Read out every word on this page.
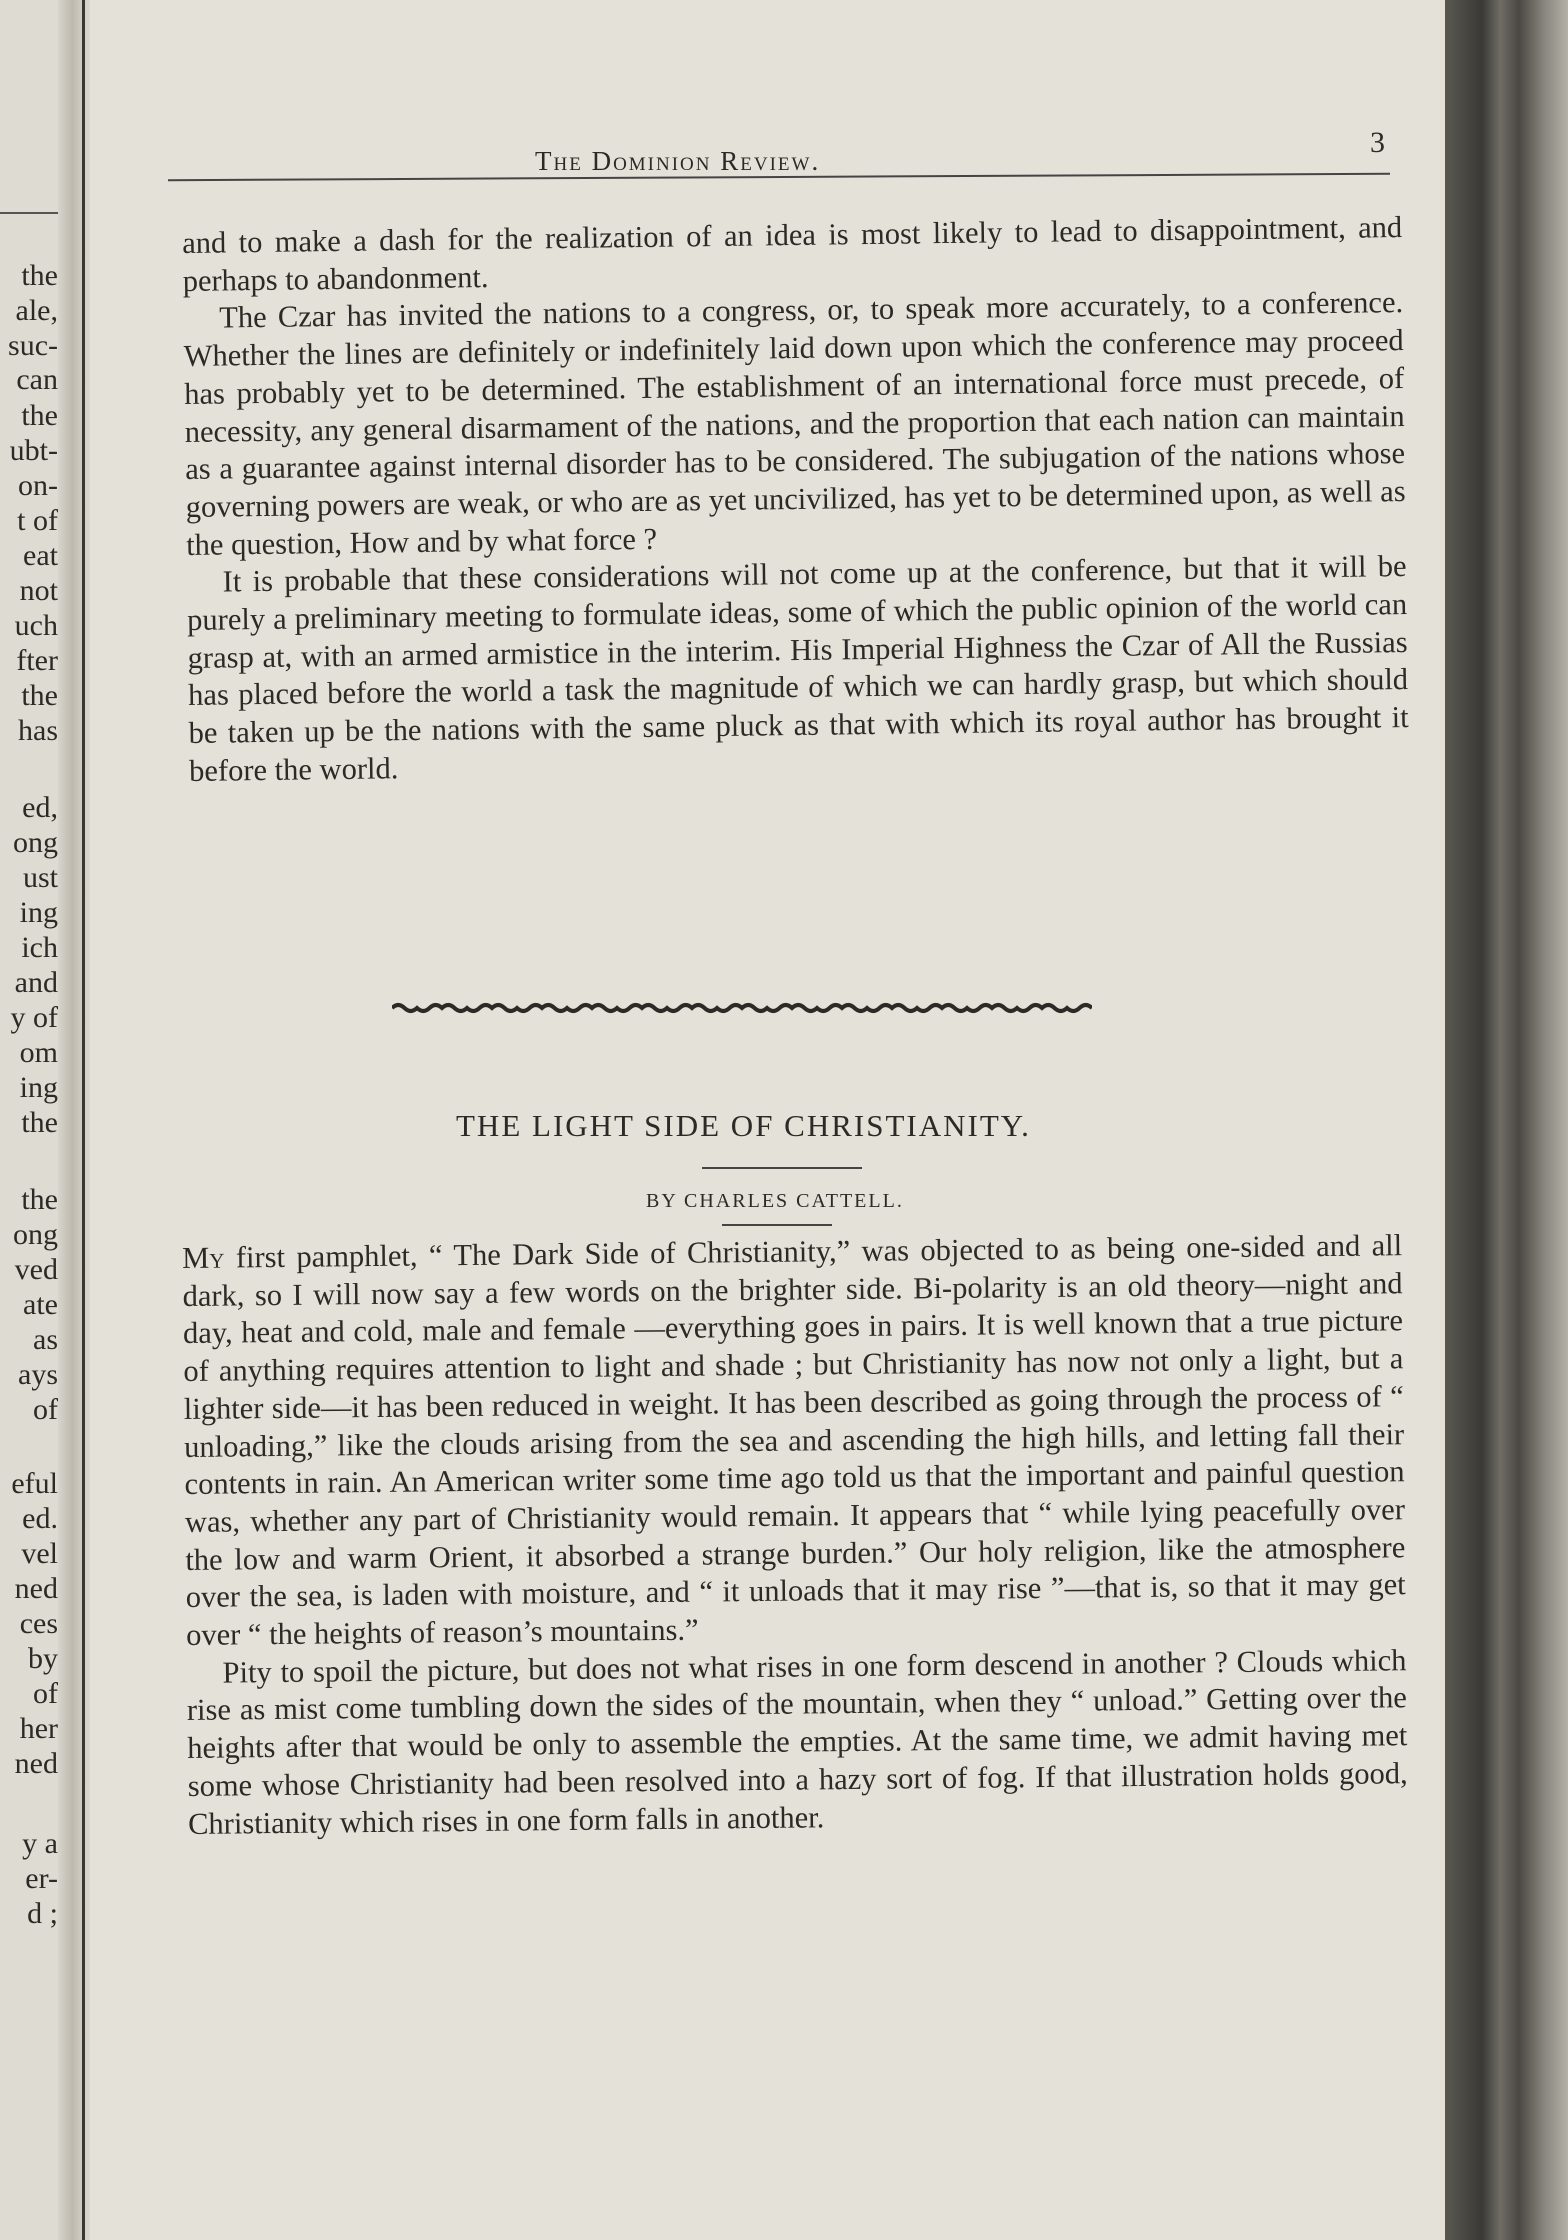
the
ale,
suc-
can
the
ubt-
on-
t of
eat
not
uch
fter
the
has
ed,
ong
ust
ing
ich
and
y of
om
ing
the
the
ong
ved
ate
as
ays
of
eful
ed.
vel
ned
ces
by
of
her
ned
y a
er-
d ;
The Dominion Review.
3

and to make a dash for the realization of an idea is most likely to lead to disappointment, and perhaps to abandonment.

The Czar has invited the nations to a congress, or, to speak more accurately, to a conference. Whether the lines are definitely or indefinitely laid down upon which the conference may proceed has probably yet to be determined. The establishment of an international force must precede, of necessity, any general disarmament of the nations, and the proportion that each nation can maintain as a guarantee against internal disorder has to be considered. The subjugation of the nations whose governing powers are weak, or who are as yet uncivilized, has yet to be determined upon, as well as the question, How and by what force ?

It is probable that these considerations will not come up at the conference, but that it will be purely a preliminary meeting to formulate ideas, some of which the public opinion of the world can grasp at, with an armed armistice in the interim. His Imperial Highness the Czar of All the Russias has placed before the world a task the magnitude of which we can hardly grasp, but which should be taken up be the nations with the same pluck as that with which its royal author has brought it before the world.

THE LIGHT SIDE OF CHRISTIANITY.
BY CHARLES CATTELL.

My first pamphlet, “ The Dark Side of Christianity,” was objected to as being one-sided and all dark, so I will now say a few words on the brighter side. Bi-polarity is an old theory—night and day, heat and cold, male and female —everything goes in pairs. It is well known that a true picture of anything requires attention to light and shade ; but Christianity has now not only a light, but a lighter side—it has been reduced in weight. It has been described as going through the process of “ unloading,” like the clouds arising from the sea and ascending the high hills, and letting fall their contents in rain. An American writer some time ago told us that the important and painful question was, whether any part of Christianity would remain. It appears that “ while lying peacefully over the low and warm Orient, it absorbed a strange burden.” Our holy religion, like the atmosphere over the sea, is laden with moisture, and “ it unloads that it may rise ”—that is, so that it may get over “ the heights of reason’s mountains.”

Pity to spoil the picture, but does not what rises in one form descend in another ? Clouds which rise as mist come tumbling down the sides of the mountain, when they “ unload.” Getting over the heights after that would be only to assemble the empties. At the same time, we admit having met some whose Christianity had been resolved into a hazy sort of fog. If that illustration holds good, Christianity which rises in one form falls in another.
